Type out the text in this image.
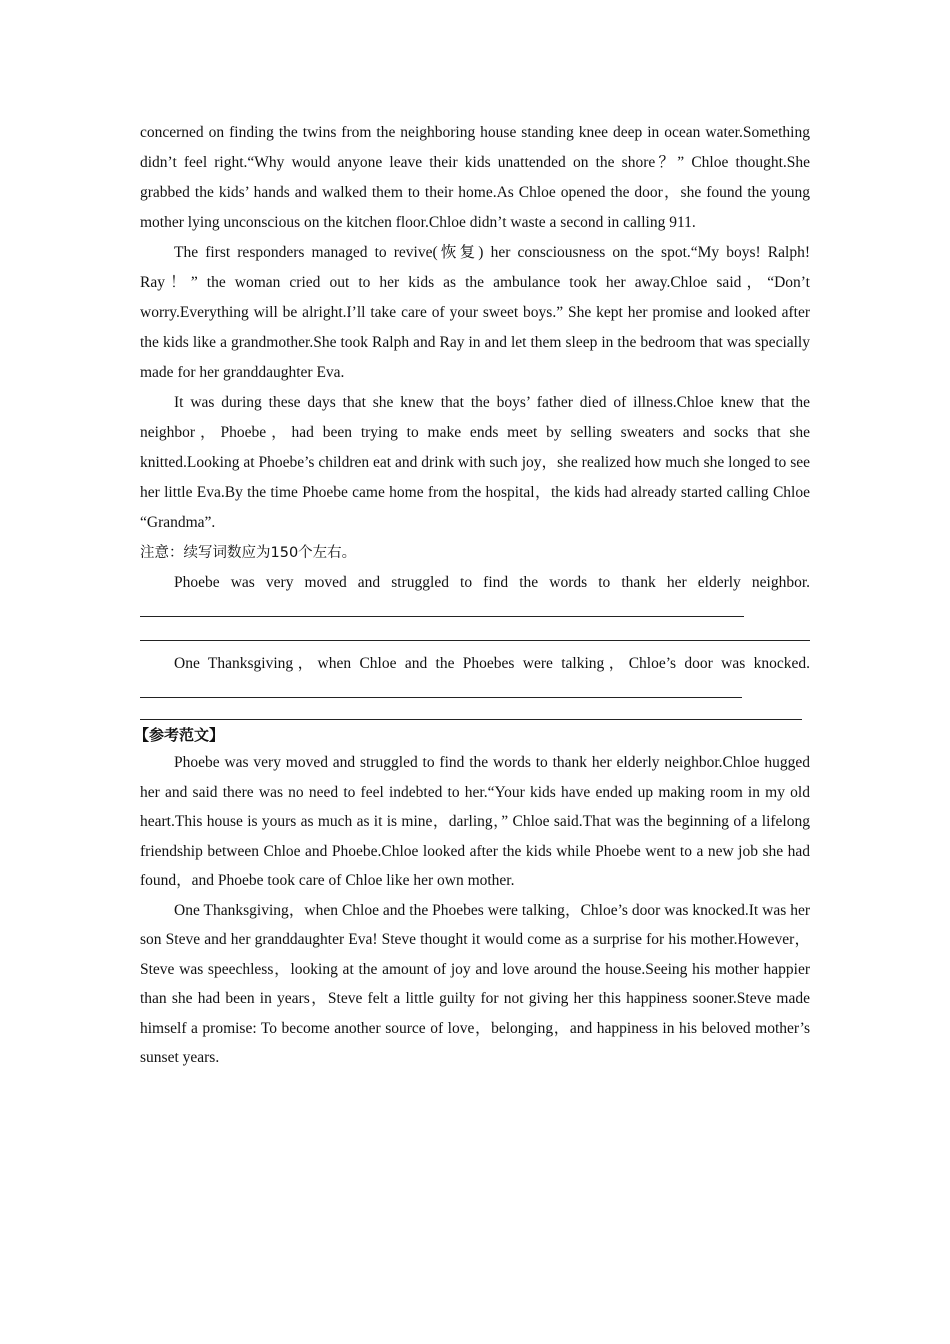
concerned on finding the twins from the neighboring house standing knee deep in ocean water.Something didn’t feel right.“Why would anyone leave their kids unattended on the shore？” Chloe thought.She grabbed the kids’ hands and walked them to their home.As Chloe opened the door，she found the young mother lying unconscious on the kitchen floor.Chloe didn’t waste a second in calling 911.

The first responders managed to revive(恢复) her consciousness on the spot.“My boys! Ralph! Ray！” the woman cried out to her kids as the ambulance took her away.Chloe said，“Don’t worry.Everything will be alright.I’ll take care of your sweet boys.” She kept her promise and looked after the kids like a grandmother.She took Ralph and Ray in and let them sleep in the bedroom that was specially made for her granddaughter Eva.

It was during these days that she knew that the boys’ father died of illness.Chloe knew that the neighbor，Phoebe，had been trying to make ends meet by selling sweaters and socks that she knitted.Looking at Phoebe’s children eat and drink with such joy，she realized how much she longed to see her little Eva.By the time Phoebe came home from the hospital，the kids had already started calling Chloe “Grandma”.

注意：续写词数应为150个左右。

Phoebe was very moved and struggled to find the words to thank her elderly neighbor.

One Thanksgiving，when Chloe and the Phoebes were talking，Chloe’s door was knocked.

【参考范文】

Phoebe was very moved and struggled to find the words to thank her elderly neighbor.Chloe hugged her and said there was no need to feel indebted to her.“Your kids have ended up making room in my old heart.This house is yours as much as it is mine，darling，” Chloe said.That was the beginning of a lifelong friendship between Chloe and Phoebe.Chloe looked after the kids while Phoebe went to a new job she had found，and Phoebe took care of Chloe like her own mother.

One Thanksgiving，when Chloe and the Phoebes were talking，Chloe’s door was knocked.It was her son Steve and her granddaughter Eva! Steve thought it would come as a surprise for his mother.However，Steve was speechless，looking at the amount of joy and love around the house.Seeing his mother happier than she had been in years，Steve felt a little guilty for not giving her this happiness sooner.Steve made himself a promise: To become another source of love，belonging，and happiness in his beloved mother’s sunset years.
